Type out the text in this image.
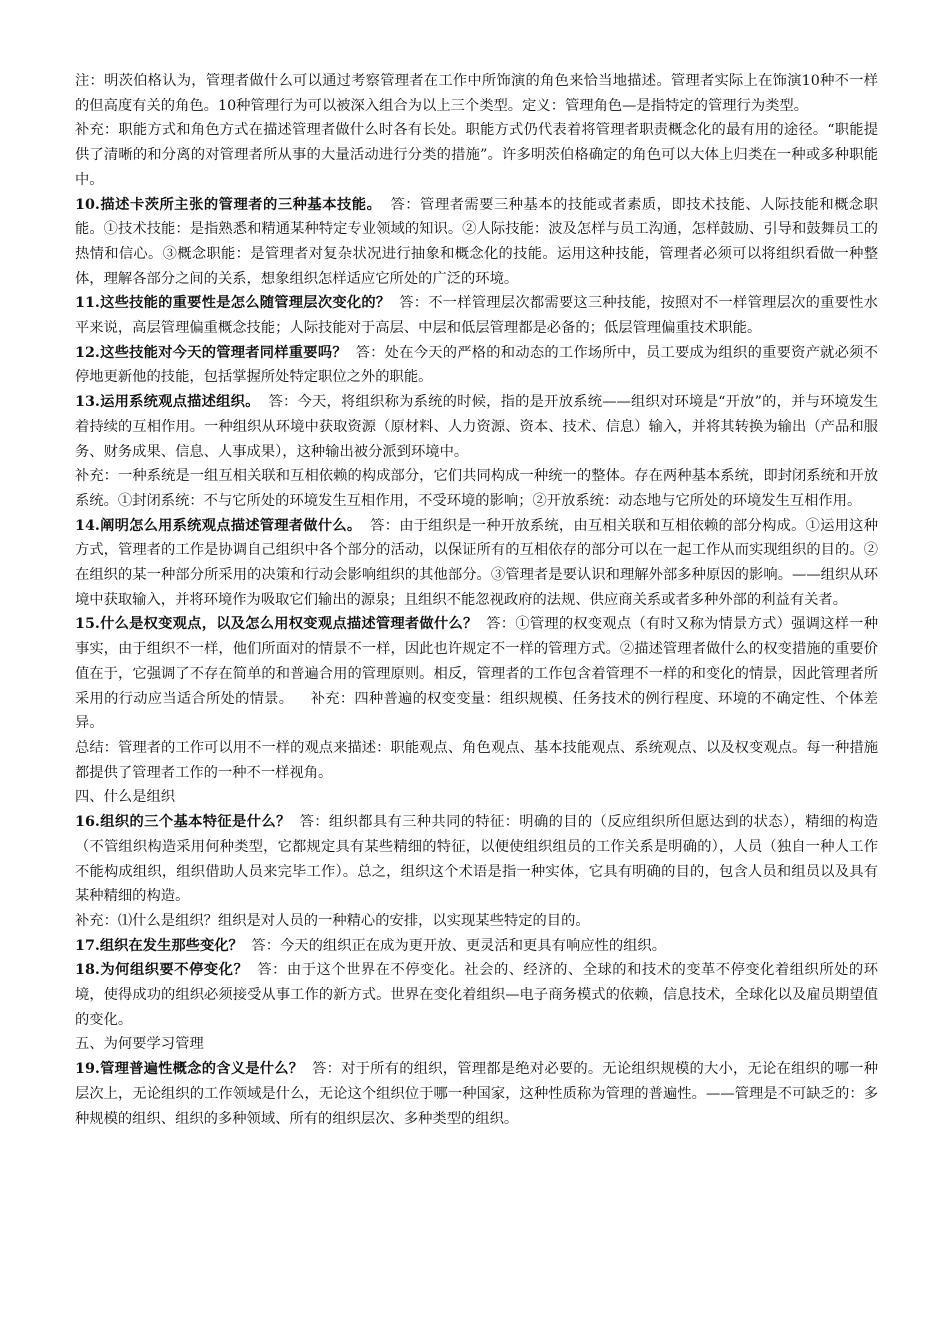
注：明茨伯格认为，管理者做什么可以通过考察管理者在工作中所饰演的角色来恰当地描述。管理者实际上在饰演10种不一样的但高度有关的角色。10种管理行为可以被深入组合为以上三个类型。定义：管理角色—是指特定的管理行为类型。

补充：职能方式和角色方式在描述管理者做什么时各有长处。职能方式仍代表着将管理者职责概念化的最有用的途径。“职能提供了清晰的和分离的对管理者所从事的大量活动进行分类的措施”。许多明茨伯格确定的角色可以大体上归类在一种或多种职能中。

10.描述卡茨所主张的管理者的三种基本技能。 答：管理者需要三种基本的技能或者素质，即技术技能、人际技能和概念职能。①技术技能：是指熟悉和精通某种特定专业领域的知识。②人际技能：波及怎样与员工沟通，怎样鼓励、引导和鼓舞员工的热情和信心。③概念职能：是管理者对复杂状况进行抽象和概念化的技能。运用这种技能，管理者必须可以将组织看做一种整体，理解各部分之间的关系，想象组织怎样适应它所处的广泛的环境。

11.这些技能的重要性是怎么随管理层次变化的？ 答：不一样管理层次都需要这三种技能，按照对不一样管理层次的重要性水平来说，高层管理偏重概念技能；人际技能对于高层、中层和低层管理都是必备的；低层管理偏重技术职能。

12.这些技能对今天的管理者同样重要吗？ 答：处在今天的严格的和动态的工作场所中，员工要成为组织的重要资产就必须不停地更新他的技能，包括掌握所处特定职位之外的职能。

13.运用系统观点描述组织。 答：今天，将组织称为系统的时候，指的是开放系统——组织对环境是“开放”的，并与环境发生着持续的互相作用。一种组织从环境中获取资源（原材料、人力资源、资本、技术、信息）输入，并将其转换为输出（产品和服务、财务成果、信息、人事成果），这种输出被分派到环境中。

补充：一种系统是一组互相关联和互相依赖的构成部分，它们共同构成一种统一的整体。存在两种基本系统，即封闭系统和开放系统。①封闭系统：不与它所处的环境发生互相作用，不受环境的影响；②开放系统：动态地与它所处的环境发生互相作用。

14.阐明怎么用系统观点描述管理者做什么。 答：由于组织是一种开放系统，由互相关联和互相依赖的部分构成。①运用这种方式，管理者的工作是协调自己组织中各个部分的活动，以保证所有的互相依存的部分可以在一起工作从而实现组织的目的。②在组织的某一种部分所采用的决策和行动会影响组织的其他部分。③管理者是要认识和理解外部多种原因的影响。——组织从环境中获取输入，并将环境作为吸取它们输出的源泉；且组织不能忽视政府的法规、供应商关系或者多种外部的利益有关者。

15.什么是权变观点，以及怎么用权变观点描述管理者做什么？ 答：①管理的权变观点（有时又称为情景方式）强调这样一种事实，由于组织不一样，他们所面对的情景不一样，因此也许规定不一样的管理方式。②描述管理者做什么的权变措施的重要价值在于，它强调了不存在简单的和普遍合用的管理原则。相反，管理者的工作包含着管理不一样的和变化的情景，因此管理者所采用的行动应当适合所处的情景。 补充：四种普遍的权变变量：组织规模、任务技术的例行程度、环境的不确定性、个体差异。

总结：管理者的工作可以用不一样的观点来描述：职能观点、角色观点、基本技能观点、系统观点、以及权变观点。每一种措施都提供了管理者工作的一种不一样视角。

四、什么是组织

16.组织的三个基本特征是什么？ 答：组织都具有三种共同的特征：明确的目的（反应组织所但愿达到的状态），精细的构造（不管组织构造采用何种类型，它都规定具有某些精细的特征，以便使组织组员的工作关系是明确的），人员（独自一种人工作不能构成组织，组织借助人员来完毕工作）。总之，组织这个术语是指一种实体，它具有明确的目的，包含人员和组员以及具有某种精细的构造。

补充：⑴什么是组织？组织是对人员的一种精心的安排，以实现某些特定的目的。

17.组织在发生那些变化？ 答：今天的组织正在成为更开放、更灵活和更具有响应性的组织。

18.为何组织要不停变化？ 答：由于这个世界在不停变化。社会的、经济的、全球的和技术的变革不停变化着组织所处的环境，使得成功的组织必须接受从事工作的新方式。世界在变化着组织—电子商务模式的依赖，信息技术，全球化以及雇员期望值的变化。

五、为何要学习管理

19.管理普遍性概念的含义是什么？ 答：对于所有的组织，管理都是绝对必要的。无论组织规模的大小，无论在组织的哪一种层次上，无论组织的工作领域是什么，无论这个组织位于哪一种国家，这种性质称为管理的普遍性。——管理是不可缺乏的：多种规模的组织、组织的多种领域、所有的组织层次、多种类型的组织。
